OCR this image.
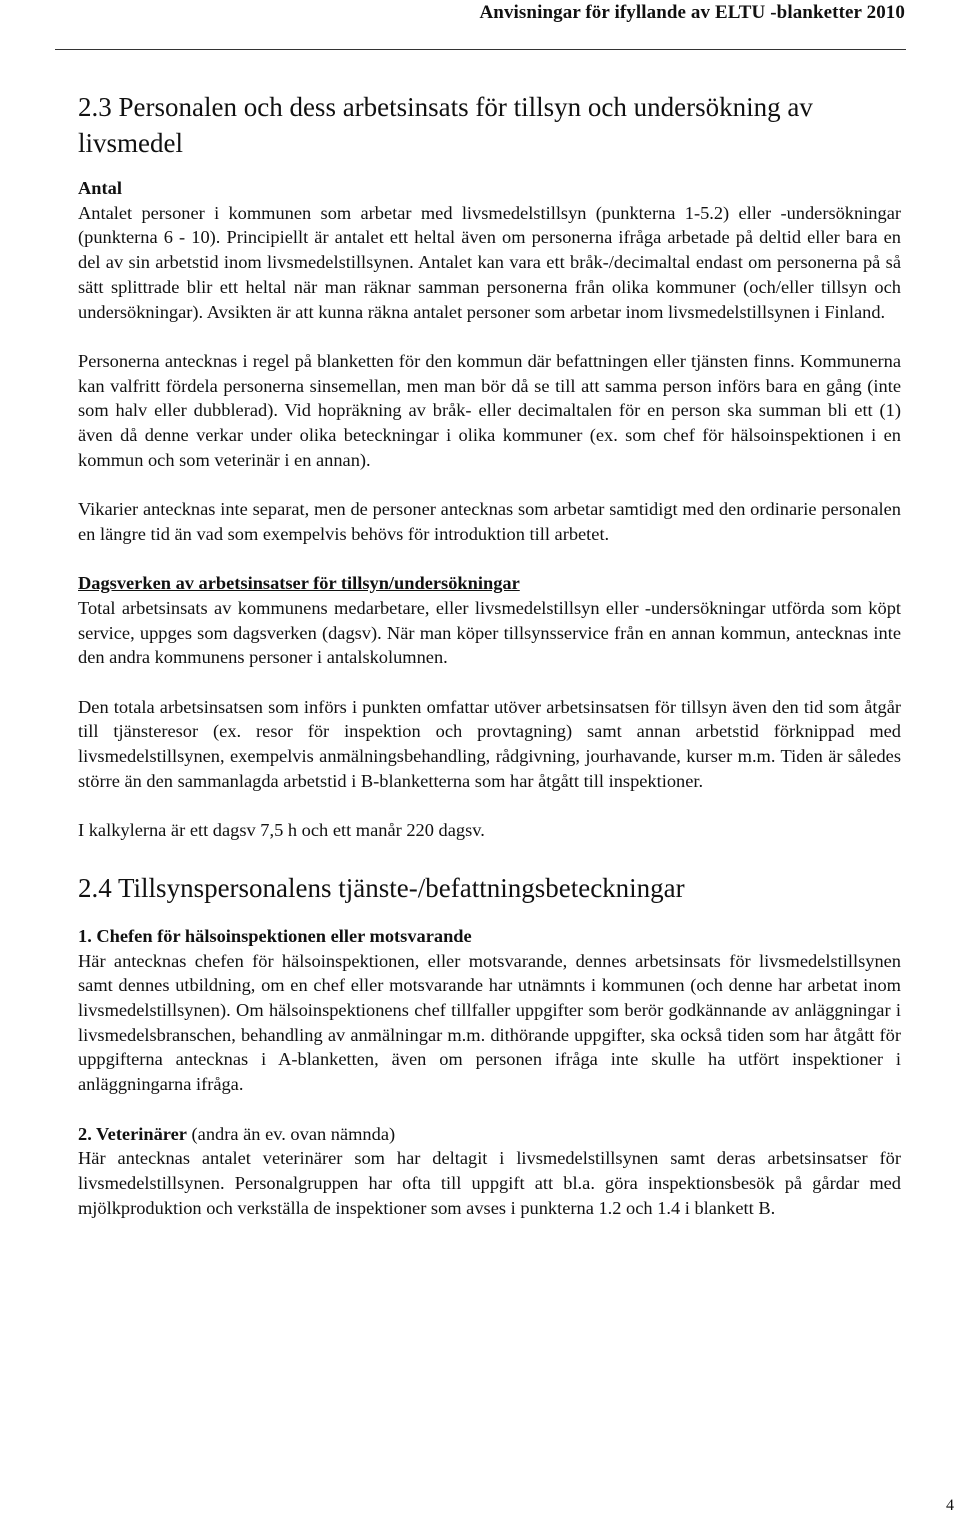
Anvisningar för ifyllande av ELTU -blanketter 2010
2.3 Personalen och dess arbetsinsats för tillsyn och undersökning av livsmedel

Antal
Antalet personer i kommunen som arbetar med livsmedelstillsyn (punkterna 1-5.2) eller -undersökningar (punkterna 6 - 10). Principiellt är antalet ett heltal även om personerna ifråga arbetade på deltid eller bara en del av sin arbetstid inom livsmedelstillsynen. Antalet kan vara ett bråk-/decimaltal endast om personerna på så sätt splittrade blir ett heltal när man räknar samman personerna från olika kommuner (och/eller tillsyn och undersökningar). Avsikten är att kunna räkna antalet personer som arbetar inom livsmedelstillsynen i Finland.

Personerna antecknas i regel på blanketten för den kommun där befattningen eller tjänsten finns. Kommunerna kan valfritt fördela personerna sinsemellan, men man bör då se till att samma person införs bara en gång (inte som halv eller dubblerad). Vid hopräkning av bråk- eller decimaltalen för en person ska summan bli ett (1) även då denne verkar under olika beteckningar i olika kommuner (ex. som chef för hälsoinspektionen i en kommun och som veterinär i en annan).

Vikarier antecknas inte separat, men de personer antecknas som arbetar samtidigt med den ordinarie personalen en längre tid än vad som exempelvis behövs för introduktion till arbetet.

Dagsverken av arbetsinsatser för tillsyn/undersökningar
Total arbetsinsats av kommunens medarbetare, eller livsmedelstillsyn eller -undersökningar utförda som köpt service, uppges som dagsverken (dagsv). När man köper tillsynsservice från en annan kommun, antecknas inte den andra kommunens personer i antalskolumnen.

Den totala arbetsinsatsen som införs i punkten omfattar utöver arbetsinsatsen för tillsyn även den tid som åtgår till tjänsteresor (ex. resor för inspektion och provtagning) samt annan arbetstid förknippad med livsmedelstillsynen, exempelvis anmälningsbehandling, rådgivning, jourhavande, kurser m.m. Tiden är således större än den sammanlagda arbetstid i B-blanketterna som har åtgått till inspektioner.

I kalkylerna är ett dagsv 7,5 h och ett manår 220 dagsv.

2.4 Tillsynspersonalens tjänste-/befattningsbeteckningar

1. Chefen för hälsoinspektionen eller motsvarande
Här antecknas chefen för hälsoinspektionen, eller motsvarande, dennes arbetsinsats för livsmedelstillsynen samt dennes utbildning, om en chef eller motsvarande har utnämnts i kommunen (och denne har arbetat inom livsmedelstillsynen). Om hälsoinspektionens chef tillfaller uppgifter som berör godkännande av anläggningar i livsmedelsbranschen, behandling av anmälningar m.m. dithörande uppgifter, ska också tiden som har åtgått för uppgifterna antecknas i A-blanketten, även om personen ifråga inte skulle ha utfört inspektioner i anläggningarna ifråga.

2. Veterinärer (andra än ev. ovan nämnda)
Här antecknas antalet veterinärer som har deltagit i livsmedelstillsynen samt deras arbetsinsatser för livsmedelstillsynen. Personalgruppen har ofta till uppgift att bl.a. göra inspektionsbesök på gårdar med mjölkproduktion och verkställa de inspektioner som avses i punkterna 1.2 och 1.4 i blankett B.

4
